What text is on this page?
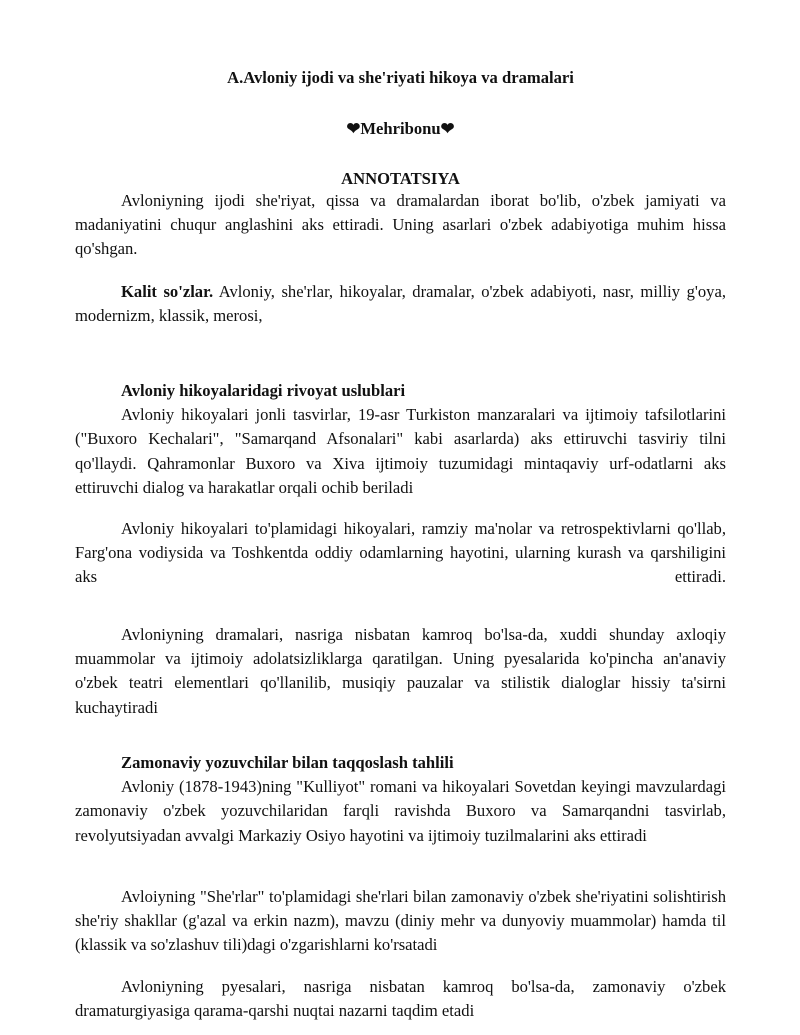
A.Avloniy ijodi va she'riyati hikoya va dramalari
❤Mehribonu❤
ANNOTATSIYA

Avloniyning ijodi she'riyat, qissa va dramalardan iborat bo'lib, o'zbek jamiyati va madaniyatini chuqur anglashini aks ettiradi. Uning asarlari o'zbek adabiyotiga muhim hissa qo'shgan.

Kalit so'zlar. Avloniy, she'rlar, hikoyalar, dramalar, o'zbek adabiyoti, nasr, milliy g'oya, modernizm, klassik, merosi,

Avloniy hikoyalaridagi rivoyat uslublari

Avloniy hikoyalari jonli tasvirlar, 19-asr Turkiston manzaralari va ijtimoiy tafsilotlarini ("Buxoro Kechalari", "Samarqand Afsonalari" kabi asarlarda) aks ettiruvchi tasviriy tilni qo'llaydi. Qahramonlar Buxoro va Xiva ijtimoiy tuzumidagi mintaqaviy urf-odatlarni aks ettiruvchi dialog va harakatlar orqali ochib beriladi

Avloniy hikoyalari to'plamidagi hikoyalari, ramziy ma'nolar va retrospektivlarni qo'llab, Farg'ona vodiysida va Toshkentda oddiy odamlarning hayotini, ularning kurash va qarshiligini aks ettiradi.

Avloniyning dramalari, nasriga nisbatan kamroq bo'lsa-da, xuddi shunday axloqiy muammolar va ijtimoiy adolatsizliklarga qaratilgan. Uning pyesalarida ko'pincha an'anaviy o'zbek teatri elementlari qo'llanilib, musiqiy pauzalar va stilistik dialoglar hissiy ta'sirni kuchaytiradi

Zamonaviy yozuvchilar bilan taqqoslash tahlili

Avloniy (1878-1943)ning "Kulliyot" romani va hikoyalari Sovetdan keyingi mavzulardagi zamonaviy o'zbek yozuvchilaridan farqli ravishda Buxoro va Samarqandni tasvirlab, revolyutsiyadan avvalgi Markaziy Osiyo hayotini va ijtimoiy tuzilmalarini aks ettiradi

Avloiyning "She'rlar" to'plamidagi she'rlari bilan zamonaviy o'zbek she'riyatini solishtirish she'riy shakllar (g'azal va erkin nazm), mavzu (diniy mehr va dunyoviy muammolar) hamda til (klassik va so'zlashuv tili)dagi o'zgarishlarni ko'rsatadi

Avloniyning pyesalari, nasriga nisbatan kamroq bo'lsa-da, zamonaviy o'zbek dramaturgiyasiga qarama-qarshi nuqtai nazarni taqdim etadi
